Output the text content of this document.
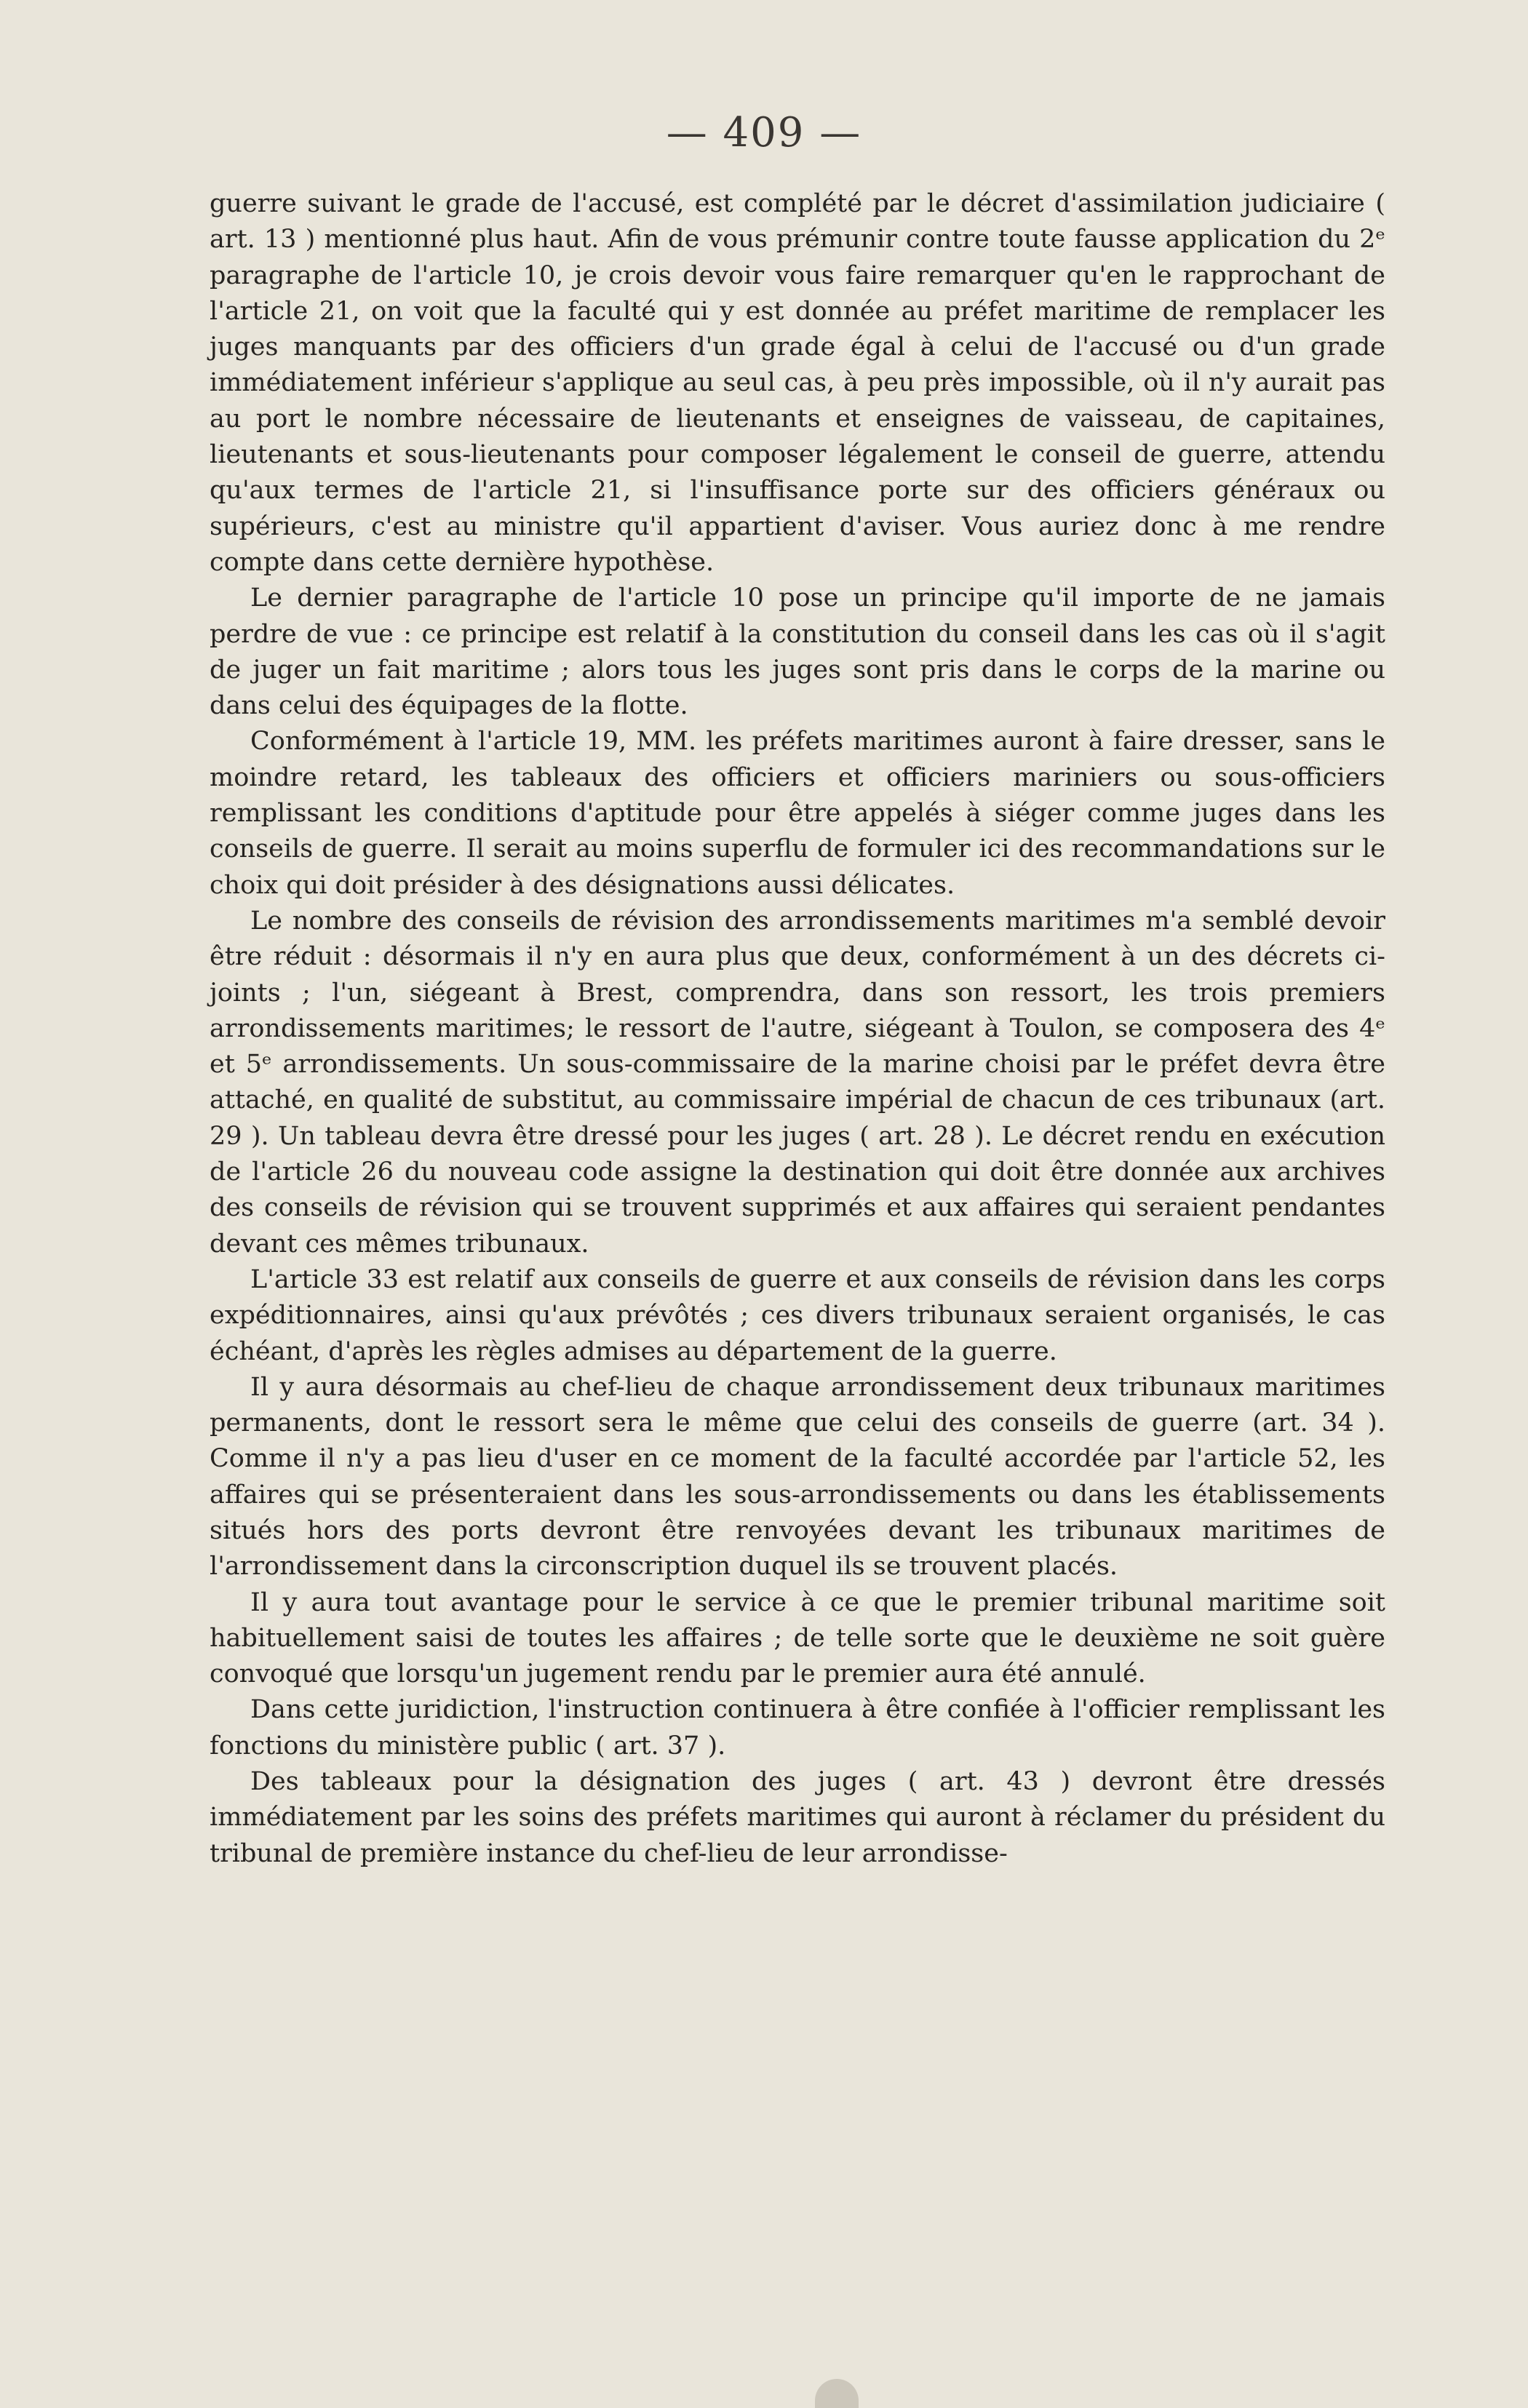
— 409 —

guerre suivant le grade de l'accusé, est complété par le décret d'assimilation judiciaire ( art. 13 ) mentionné plus haut. Afin de vous prémunir contre toute fausse application du 2ᵉ paragraphe de l'article 10, je crois devoir vous faire remarquer qu'en le rapprochant de l'article 21, on voit que la faculté qui y est donnée au préfet maritime de remplacer les juges manquants par des officiers d'un grade égal à celui de l'accusé ou d'un grade immédiatement inférieur s'applique au seul cas, à peu près impossible, où il n'y aurait pas au port le nombre nécessaire de lieutenants et enseignes de vaisseau, de capitaines, lieutenants et sous-lieutenants pour composer légalement le conseil de guerre, attendu qu'aux termes de l'article 21, si l'insuffisance porte sur des officiers généraux ou supérieurs, c'est au ministre qu'il appartient d'aviser. Vous auriez donc à me rendre compte dans cette dernière hypothèse.

Le dernier paragraphe de l'article 10 pose un principe qu'il importe de ne jamais perdre de vue : ce principe est relatif à la constitution du conseil dans les cas où il s'agit de juger un fait maritime ; alors tous les juges sont pris dans le corps de la marine ou dans celui des équipages de la flotte.

Conformément à l'article 19, MM. les préfets maritimes auront à faire dresser, sans le moindre retard, les tableaux des officiers et officiers mariniers ou sous-officiers remplissant les conditions d'aptitude pour être appelés à siéger comme juges dans les conseils de guerre. Il serait au moins superflu de formuler ici des recommandations sur le choix qui doit présider à des désignations aussi délicates.

Le nombre des conseils de révision des arrondissements maritimes m'a semblé devoir être réduit : désormais il n'y en aura plus que deux, conformément à un des décrets ci-joints ; l'un, siégeant à Brest, comprendra, dans son ressort, les trois premiers arrondissements maritimes; le ressort de l'autre, siégeant à Toulon, se composera des 4ᵉ et 5ᵉ arrondissements. Un sous-commissaire de la marine choisi par le préfet devra être attaché, en qualité de substitut, au commissaire impérial de chacun de ces tribunaux (art. 29 ). Un tableau devra être dressé pour les juges ( art. 28 ). Le décret rendu en exécution de l'article 26 du nouveau code assigne la destination qui doit être donnée aux archives des conseils de révision qui se trouvent supprimés et aux affaires qui seraient pendantes devant ces mêmes tribunaux.

L'article 33 est relatif aux conseils de guerre et aux conseils de révision dans les corps expéditionnaires, ainsi qu'aux prévôtés ; ces divers tribunaux seraient organisés, le cas échéant, d'après les règles admises au département de la guerre.

Il y aura désormais au chef-lieu de chaque arrondissement deux tribunaux maritimes permanents, dont le ressort sera le même que celui des conseils de guerre (art. 34 ). Comme il n'y a pas lieu d'user en ce moment de la faculté accordée par l'article 52, les affaires qui se présenteraient dans les sous-arrondissements ou dans les établissements situés hors des ports devront être renvoyées devant les tribunaux maritimes de l'arrondissement dans la circonscription duquel ils se trouvent placés.

Il y aura tout avantage pour le service à ce que le premier tribunal maritime soit habituellement saisi de toutes les affaires ; de telle sorte que le deuxième ne soit guère convoqué que lorsqu'un jugement rendu par le premier aura été annulé.

Dans cette juridiction, l'instruction continuera à être confiée à l'officier remplissant les fonctions du ministère public ( art. 37 ).

Des tableaux pour la désignation des juges ( art. 43 ) devront être dressés immédiatement par les soins des préfets maritimes qui auront à réclamer du président du tribunal de première instance du chef-lieu de leur arrondisse-
